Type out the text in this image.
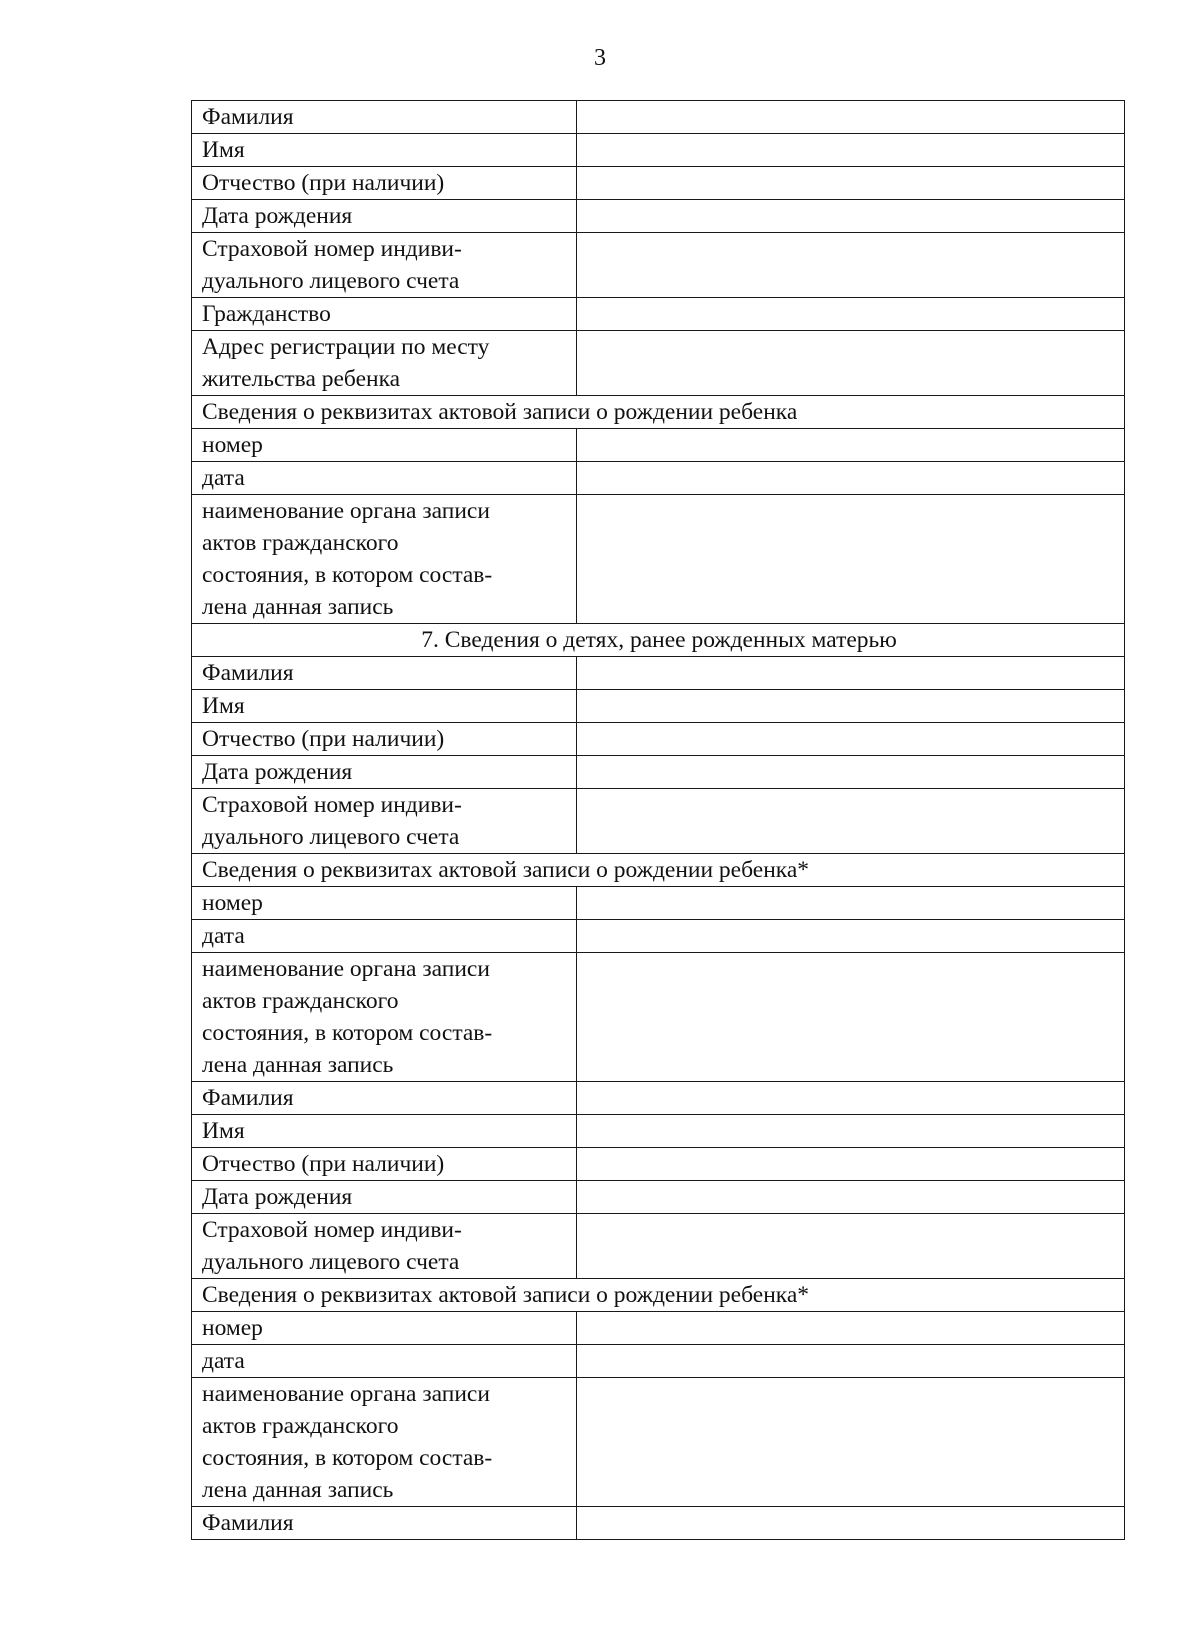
3
Фамилия	
Имя	
Отчество (при наличии)	
Дата рождения	
Страховой номер индиви-
дуального лицевого счета	
Гражданство	
Адрес регистрации по месту
жительства ребенка	
Сведения о реквизитах актовой записи о рождении ребенка	
номер	
дата	
наименование органа записи
актов гражданского
состояния, в котором состав-
лена данная запись	
7. Сведения о детях, ранее рожденных матерью	
Фамилия	
Имя	
Отчество (при наличии)	
Дата рождения	
Страховой номер индиви-
дуального лицевого счета	
Сведения о реквизитах актовой записи о рождении ребенка*	
номер	
дата	
наименование органа записи
актов гражданского
состояния, в котором состав-
лена данная запись	
Фамилия	
Имя	
Отчество (при наличии)	
Дата рождения	
Страховой номер индиви-
дуального лицевого счета	
Сведения о реквизитах актовой записи о рождении ребенка*	
номер	
дата	
наименование органа записи
актов гражданского
состояния, в котором состав-
лена данная запись	
Фамилия	
